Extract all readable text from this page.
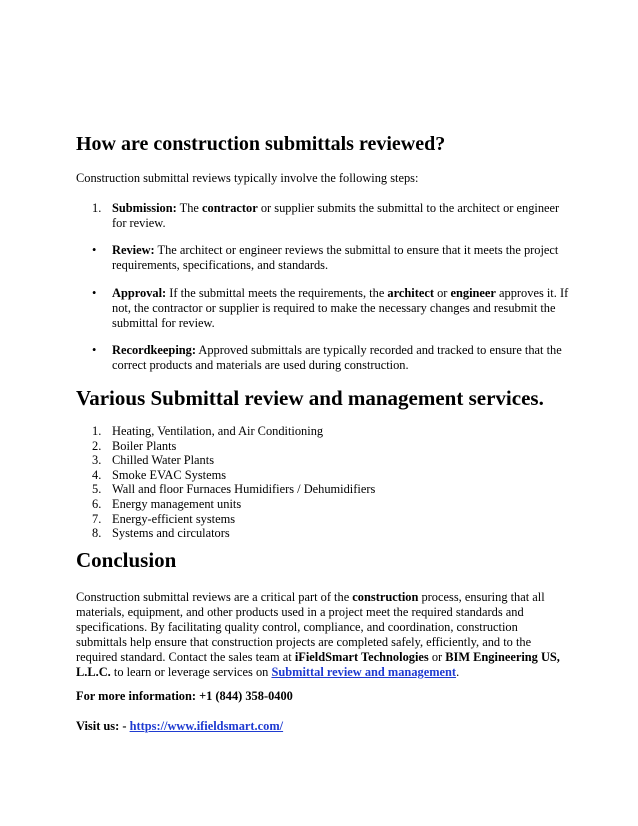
How are construction submittals reviewed?

Construction submittal reviews typically involve the following steps:

1. Submission: The contractor or supplier submits the submittal to the architect or engineer for review.
•	Review: The architect or engineer reviews the submittal to ensure that it meets the project requirements, specifications, and standards.
•	Approval: If the submittal meets the requirements, the architect or engineer approves it. If not, the contractor or supplier is required to make the necessary changes and resubmit the submittal for review.
•	Recordkeeping: Approved submittals are typically recorded and tracked to ensure that the correct products and materials are used during construction.
Various Submittal review and management services.
1. Heating, Ventilation, and Air Conditioning
2. Boiler Plants
3. Chilled Water Plants
4. Smoke EVAC Systems
5. Wall and floor Furnaces Humidifiers / Dehumidifiers
6. Energy management units
7. Energy-efficient systems
8. Systems and circulators
Conclusion

Construction submittal reviews are a critical part of the construction process, ensuring that all materials, equipment, and other products used in a project meet the required standards and specifications. By facilitating quality control, compliance, and coordination, construction submittals help ensure that construction projects are completed safely, efficiently, and to the required standard. Contact the sales team at iFieldSmart Technologies or BIM Engineering US, L.L.C. to learn or leverage services on Submittal review and management.

For more information: +1 (844) 358-0400

Visit us: - https://www.ifieldsmart.com/
